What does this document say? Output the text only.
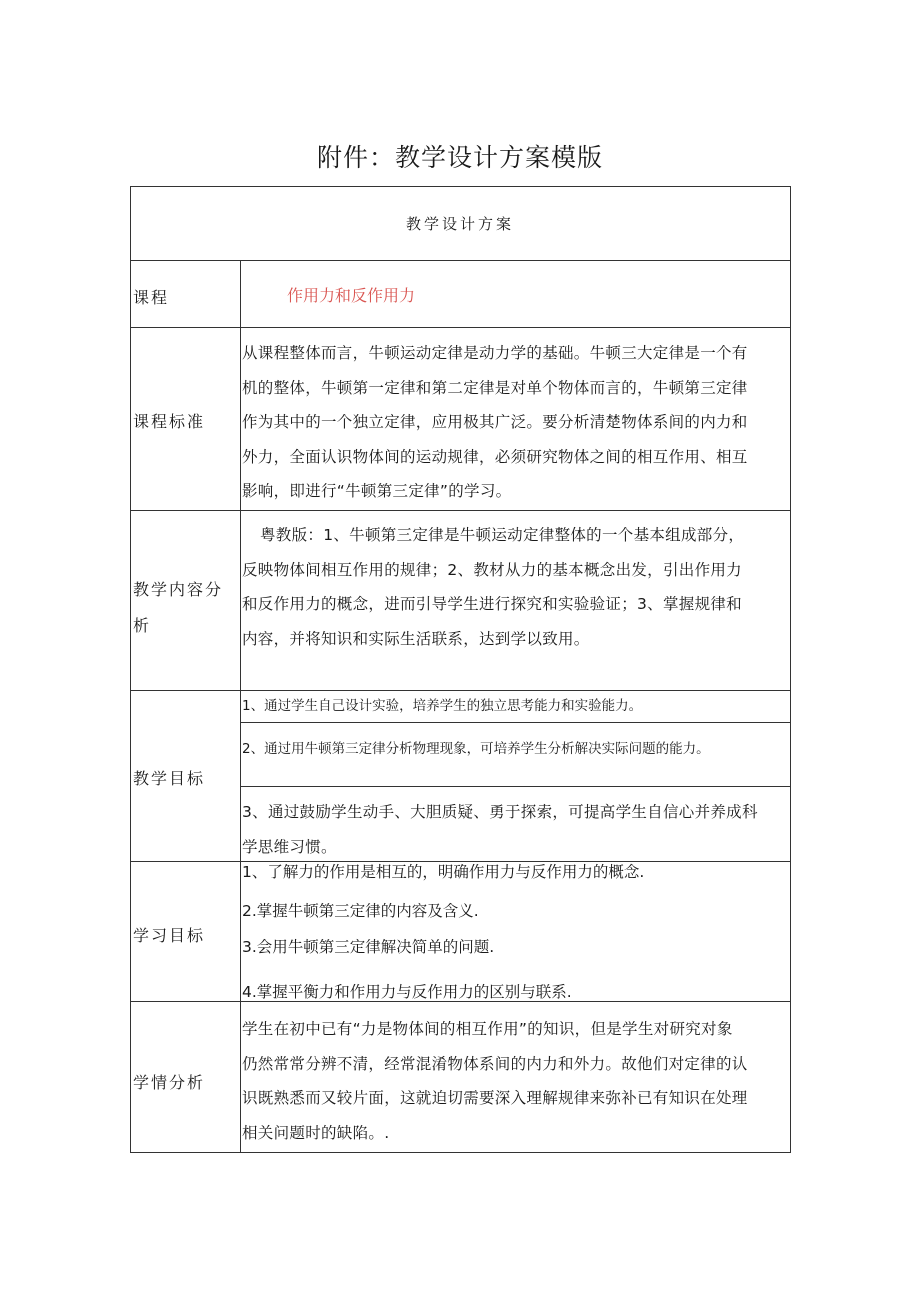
附件：教学设计方案模版
教学设计方案
课程	作用力和反作用力
课程标准
从课程整体而言，牛顿运动定律是动力学的基础。牛顿三大定律是一个有
机的整体，牛顿第一定律和第二定律是对单个物体而言的，牛顿第三定律
作为其中的一个独立定律，应用极其广泛。要分析清楚物体系间的内力和
外力，全面认识物体间的运动规律，必须研究物体之间的相互作用、相互
影响，即进行“牛顿第三定律”的学习。
教学内容分
析
粤教版：1、牛顿第三定律是牛顿运动定律整体的一个基本组成部分，
反映物体间相互作用的规律；2、教材从力的基本概念出发，引出作用力
和反作用力的概念，进而引导学生进行探究和实验验证；3、掌握规律和
内容，并将知识和实际生活联系，达到学以致用。
教学目标
1、通过学生自己设计实验，培养学生的独立思考能力和实验能力。
2、通过用牛顿第三定律分析物理现象，可培养学生分析解决实际问题的能力。
3、通过鼓励学生动手、大胆质疑、勇于探索，可提高学生自信心并养成科
学思维习惯。
学习目标
1、了解力的作用是相互的，明确作用力与反作用力的概念.
2.掌握牛顿第三定律的内容及含义.
3.会用牛顿第三定律解决简单的问题.
4.掌握平衡力和作用力与反作用力的区别与联系.
学情分析
学生在初中已有“力是物体间的相互作用”的知识，但是学生对研究对象
仍然常常分辨不清，经常混淆物体系间的内力和外力。故他们对定律的认
识既熟悉而又较片面，这就迫切需要深入理解规律来弥补已有知识在处理
相关问题时的缺陷。.
